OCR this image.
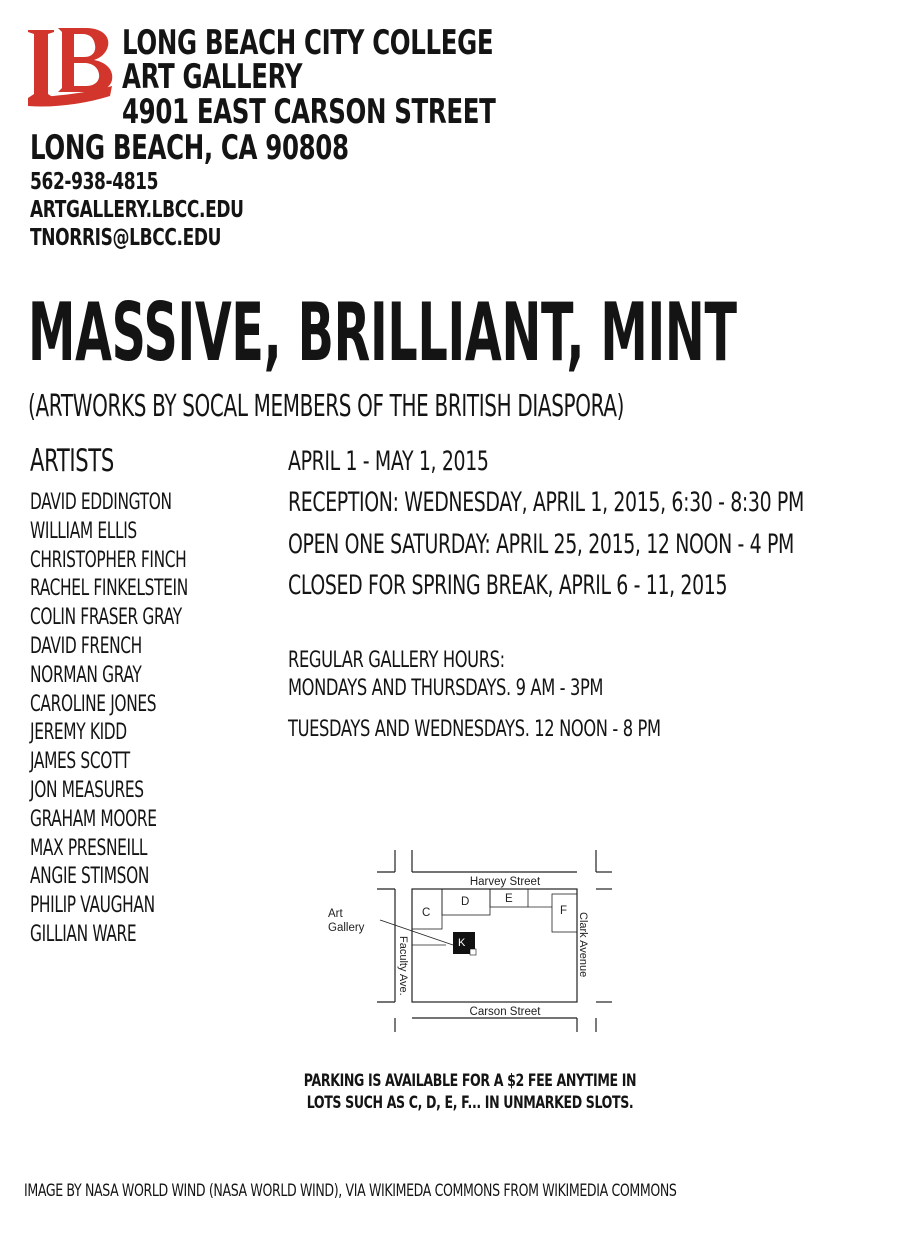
LONG BEACH CITY COLLEGE
ART GALLERY
4901 EAST CARSON STREET
LONG BEACH, CA 90808
562-938-4815
ARTGALLERY.LBCC.EDU
TNORRIS@LBCC.EDU
MASSIVE, BRILLIANT, MINT
(ARTWORKS BY SOCAL MEMBERS OF THE BRITISH DIASPORA)
ARTISTS
DAVID EDDINGTON
WILLIAM ELLIS
CHRISTOPHER FINCH
RACHEL FINKELSTEIN
COLIN FRASER GRAY
DAVID FRENCH
NORMAN GRAY
CAROLINE JONES
JEREMY KIDD
JAMES SCOTT
JON MEASURES
GRAHAM MOORE
MAX PRESNEILL
ANGIE STIMSON
PHILIP VAUGHAN
GILLIAN WARE
APRIL 1 - MAY 1, 2015
RECEPTION: WEDNESDAY, APRIL 1, 2015, 6:30 - 8:30 PM
OPEN ONE SATURDAY: APRIL 25, 2015, 12 NOON - 4 PM
CLOSED FOR SPRING BREAK, APRIL 6 - 11, 2015
REGULAR GALLERY HOURS:
MONDAYS AND THURSDAYS. 9 AM - 3PM
TUESDAYS AND WEDNESDAYS. 12 NOON - 8 PM
Harvey Street
Carson Street
Faculty Ave.	Clark Avenue
Art
Gallery
C
D	E
F
K
PARKING IS AVAILABLE FOR A $2 FEE ANYTIME IN
LOTS SUCH AS C, D, E, F... IN UNMARKED SLOTS.
IMAGE BY NASA WORLD WIND (NASA WORLD WIND), VIA WIKIMEDA COMMONS FROM WIKIMEDIA COMMONS
